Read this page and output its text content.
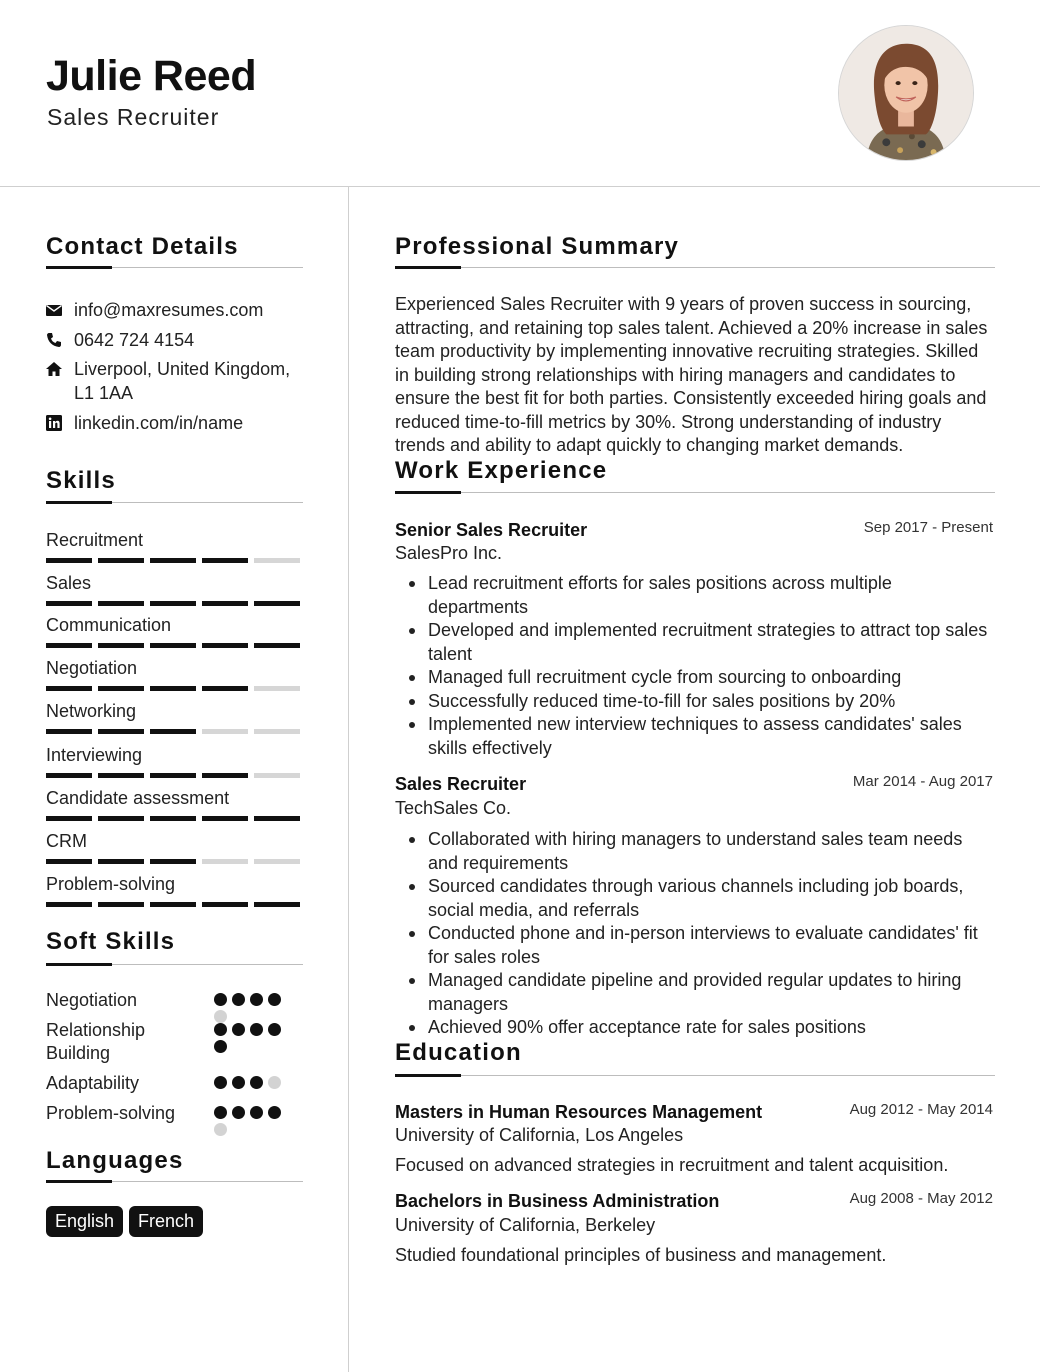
Julie Reed
Sales Recruiter
Contact Details
info@maxresumes.com
0642 724 4154
Liverpool, United Kingdom,
L1 1AA
linkedin.com/in/name
Skills
Recruitment
Sales
Communication
Negotiation
Networking
Interviewing
Candidate assessment
CRM
Problem-solving
Soft Skills
Negotiation
Relationship Building
Adaptability
Problem-solving
Languages
English	French
Professional Summary
Experienced Sales Recruiter with 9 years of proven success in sourcing, attracting, and retaining top sales talent. Achieved a 20% increase in sales team productivity by implementing innovative recruiting strategies. Skilled in building strong relationships with hiring managers and candidates to ensure the best fit for both parties. Consistently exceeded hiring goals and reduced time-to-fill metrics by 30%. Strong understanding of industry trends and ability to adapt quickly to changing market demands.
Work Experience
Senior Sales Recruiter	Sep 2017 - Present
SalesPro Inc.
Lead recruitment efforts for sales positions across multiple departments
Developed and implemented recruitment strategies to attract top sales talent
Managed full recruitment cycle from sourcing to onboarding
Successfully reduced time-to-fill for sales positions by 20%
Implemented new interview techniques to assess candidates' sales skills effectively
Sales Recruiter	Mar 2014 - Aug 2017
TechSales Co.
Collaborated with hiring managers to understand sales team needs and requirements
Sourced candidates through various channels including job boards, social media, and referrals
Conducted phone and in-person interviews to evaluate candidates' fit for sales roles
Managed candidate pipeline and provided regular updates to hiring managers
Achieved 90% offer acceptance rate for sales positions
Education
Masters in Human Resources Management	Aug 2012 - May 2014
University of California, Los Angeles
Focused on advanced strategies in recruitment and talent acquisition.
Bachelors in Business Administration	Aug 2008 - May 2012
University of California, Berkeley
Studied foundational principles of business and management.
